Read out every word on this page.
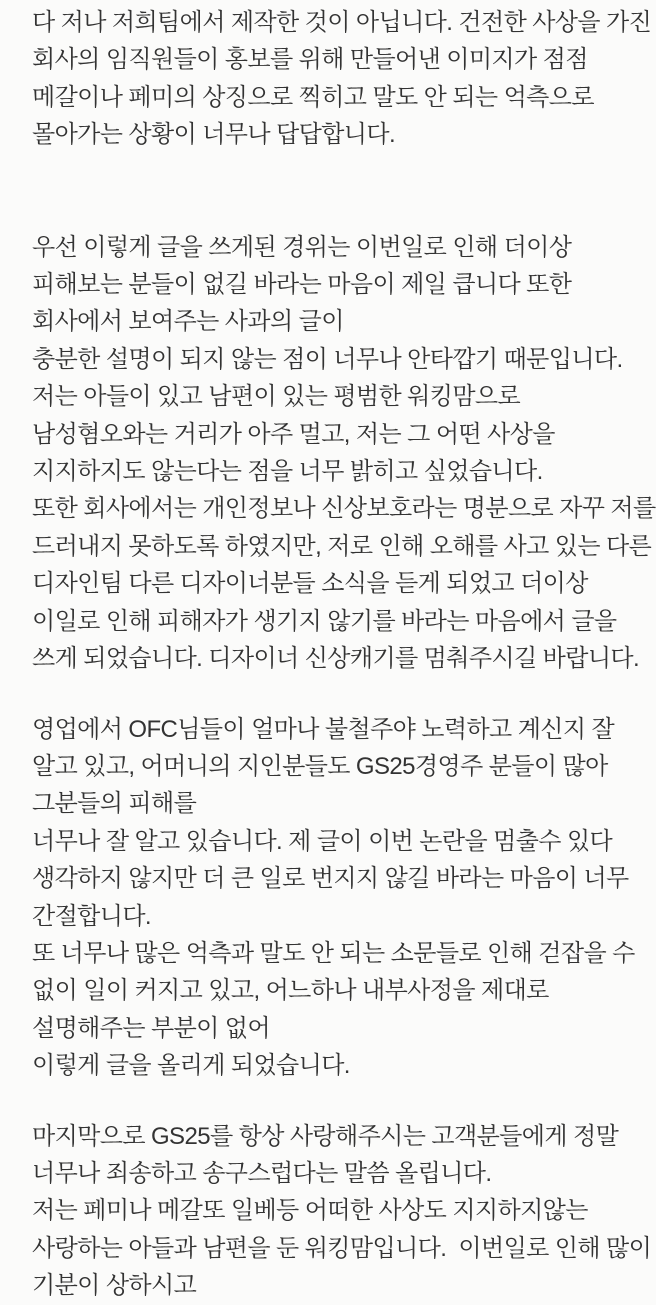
다 저나 저희팀에서 제작한 것이 아닙니다. 건전한 사상을 가진
회사의 임직원들이 홍보를 위해 만들어낸 이미지가 점점
메갈이나 페미의 상징으로 찍히고 말도 안 되는 억측으로
몰아가는 상황이 너무나 답답합니다.
우선 이렇게 글을 쓰게된 경위는 이번일로 인해 더이상
피해보는 분들이 없길 바라는 마음이 제일 큽니다 또한
회사에서 보여주는 사과의 글이
충분한 설명이 되지 않는 점이 너무나 안타깝기 때문입니다.
저는 아들이 있고 남편이 있는 평범한 워킹맘으로
남성혐오와는 거리가 아주 멀고, 저는 그 어떤 사상을
지지하지도 않는다는 점을 너무 밝히고 싶었습니다.
또한 회사에서는 개인정보나 신상보호라는 명분으로 자꾸 저를
드러내지 못하도록 하였지만, 저로 인해 오해를 사고 있는 다른
디자인팀 다른 디자이너분들 소식을 듣게 되었고 더이상
이일로 인해 피해자가 생기지 않기를 바라는 마음에서 글을
쓰게 되었습니다. 디자이너 신상캐기를 멈춰주시길 바랍니다.
영업에서 OFC님들이 얼마나 불철주야 노력하고 계신지 잘
알고 있고, 어머니의 지인분들도 GS25경영주 분들이 많아
그분들의 피해를
너무나 잘 알고 있습니다. 제 글이 이번 논란을 멈출수 있다
생각하지 않지만 더 큰 일로 번지지 않길 바라는 마음이 너무
간절합니다.
또 너무나 많은 억측과 말도 안 되는 소문들로 인해 걷잡을 수
없이 일이 커지고 있고, 어느하나 내부사정을 제대로
설명해주는 부분이 없어
이렇게 글을 올리게 되었습니다.
마지막으로 GS25를 항상 사랑해주시는 고객분들에게 정말
너무나 죄송하고 송구스럽다는 말씀 올립니다.
저는 페미나 메갈또 일베등 어떠한 사상도 지지하지않는
사랑하는 아들과 남편을 둔 워킹맘입니다.  이번일로 인해 많이
기분이 상하시고
